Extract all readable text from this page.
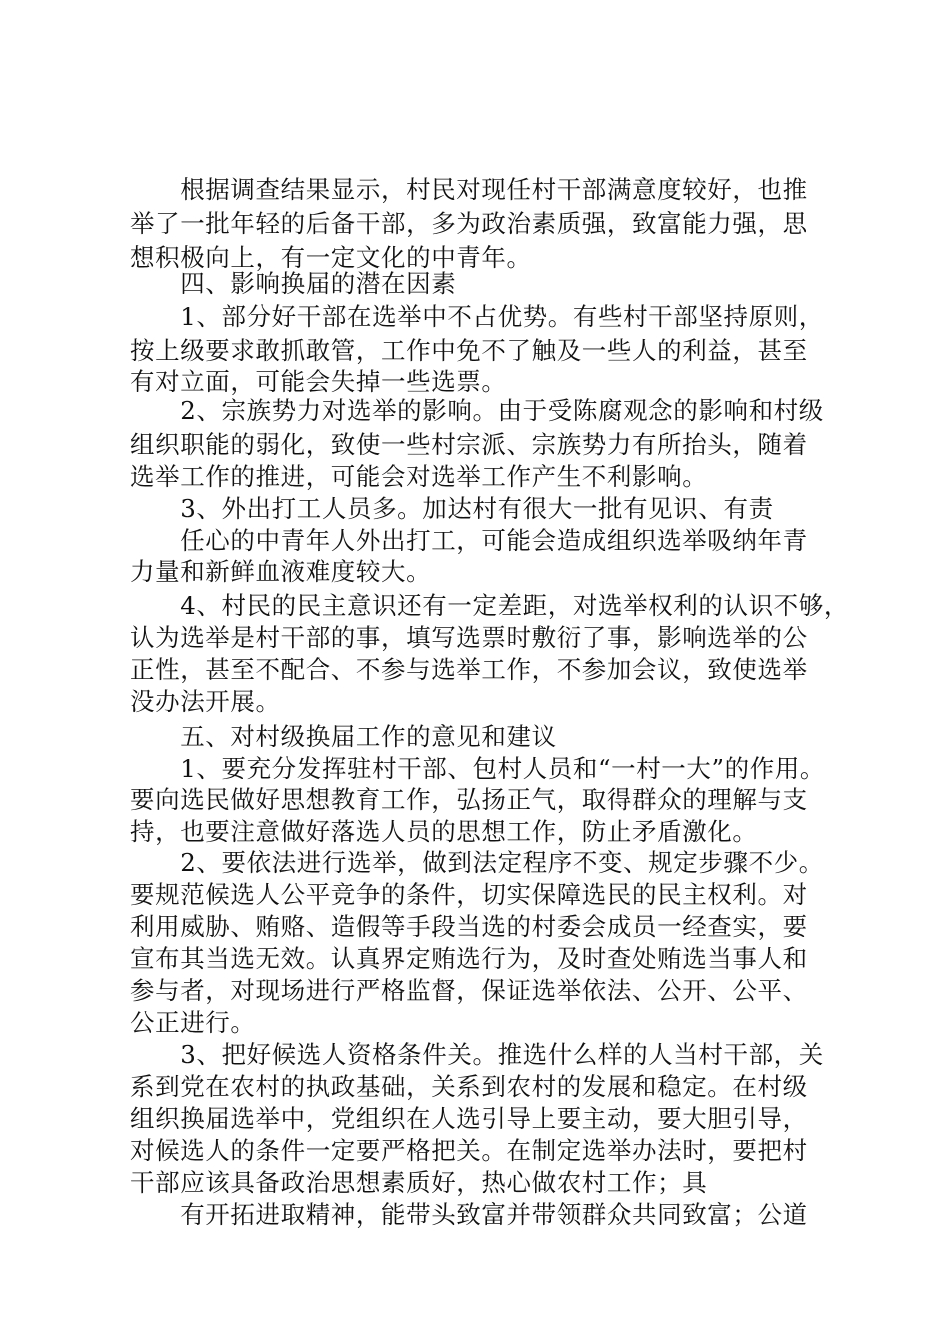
　　根据调查结果显示，村民对现任村干部满意度较好，也推
举了一批年轻的后备干部，多为政治素质强，致富能力强，思
想积极向上，有一定文化的中青年。
　　四、影响换届的潜在因素
　　1、部分好干部在选举中不占优势。有些村干部坚持原则，
按上级要求敢抓敢管，工作中免不了触及一些人的利益，甚至
有对立面，可能会失掉一些选票。
　　2、宗族势力对选举的影响。由于受陈腐观念的影响和村级
组织职能的弱化，致使一些村宗派、宗族势力有所抬头，随着
选举工作的推进，可能会对选举工作产生不利影响。
　　3、外出打工人员多。加达村有很大一批有见识、有责
　　任心的中青年人外出打工，可能会造成组织选举吸纳年青
力量和新鲜血液难度较大。
　　4、村民的民主意识还有一定差距，对选举权利的认识不够，
认为选举是村干部的事，填写选票时敷衍了事，影响选举的公
正性，甚至不配合、不参与选举工作，不参加会议，致使选举
没办法开展。
　　五、对村级换届工作的意见和建议
　　1、要充分发挥驻村干部、包村人员和“一村一大”的作用。
要向选民做好思想教育工作，弘扬正气，取得群众的理解与支
持，也要注意做好落选人员的思想工作，防止矛盾激化。
　　2、要依法进行选举，做到法定程序不变、规定步骤不少。
要规范候选人公平竞争的条件，切实保障选民的民主权利。对
利用威胁、贿赂、造假等手段当选的村委会成员一经查实，要
宣布其当选无效。认真界定贿选行为，及时查处贿选当事人和
参与者，对现场进行严格监督，保证选举依法、公开、公平、
公正进行。
　　3、把好候选人资格条件关。推选什么样的人当村干部，关
系到党在农村的执政基础，关系到农村的发展和稳定。在村级
组织换届选举中，党组织在人选引导上要主动，要大胆引导，
对候选人的条件一定要严格把关。在制定选举办法时，要把村
干部应该具备政治思想素质好，热心做农村工作；具
　　有开拓进取精神，能带头致富并带领群众共同致富；公道
